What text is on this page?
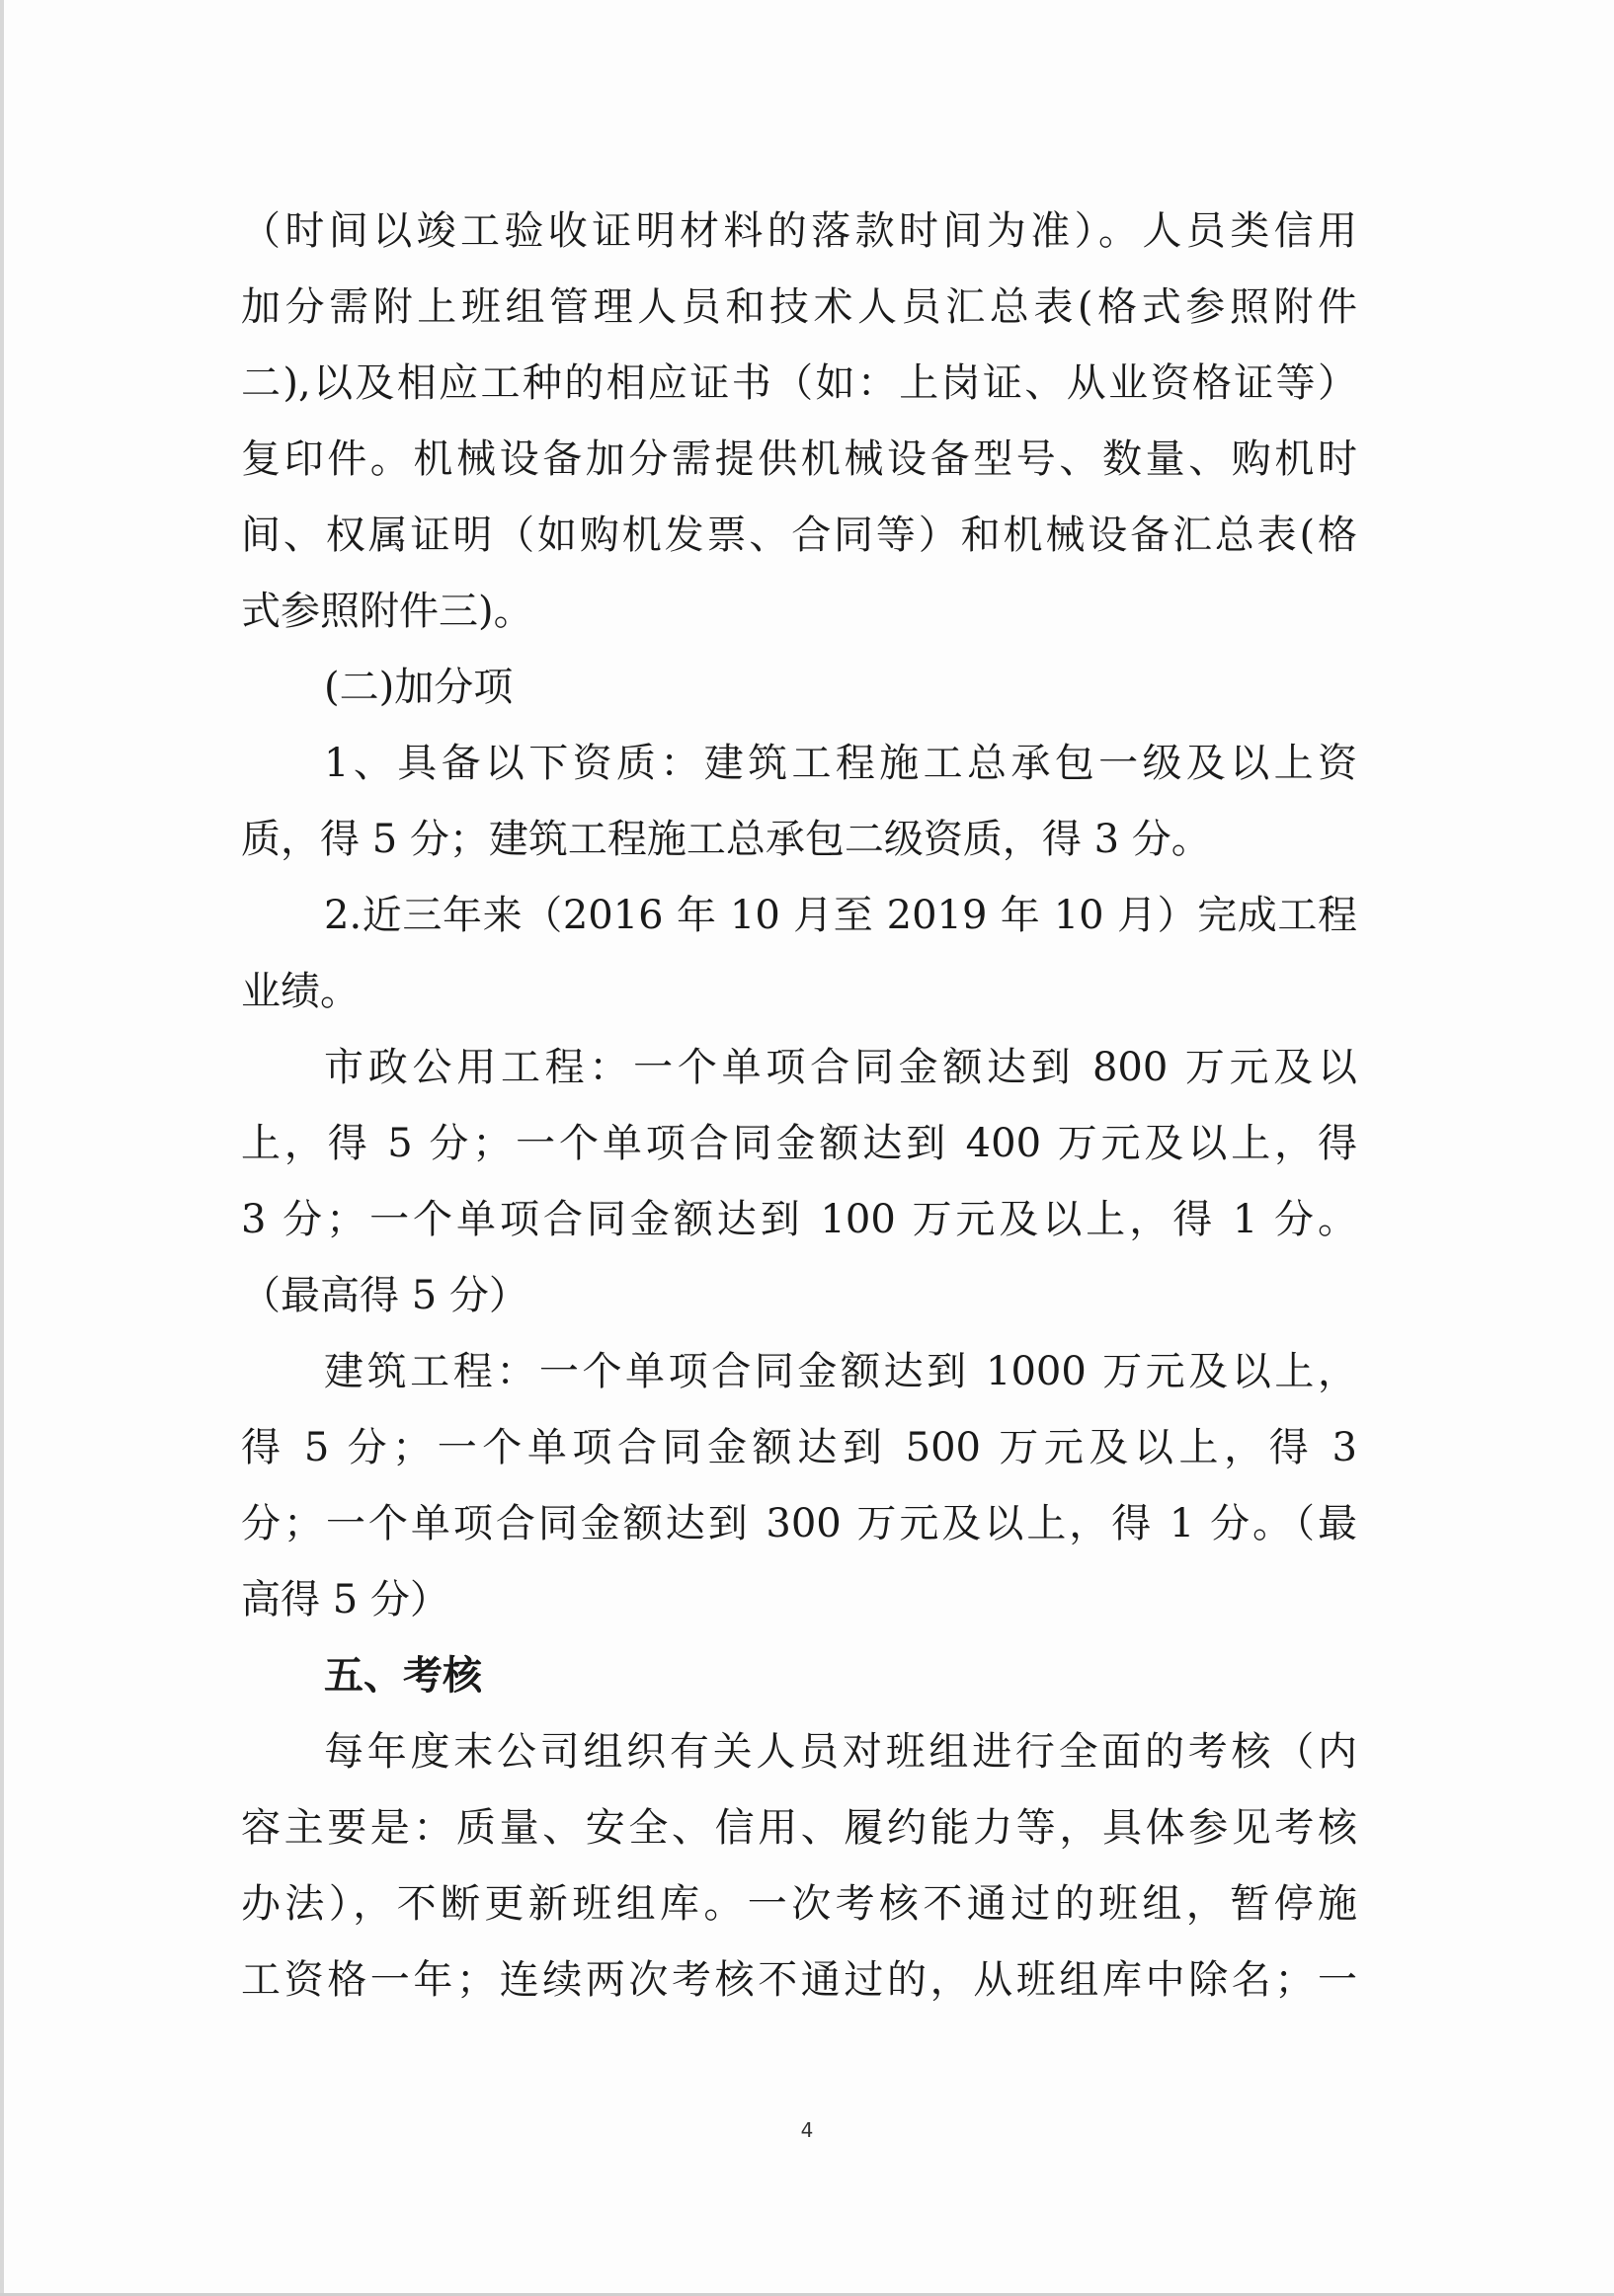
（时间以竣工验收证明材料的落款时间为准）。人员类信用
加分需附上班组管理人员和技术人员汇总表(格式参照附件
二),以及相应工种的相应证书（如：上岗证、从业资格证等）
复印件。机械设备加分需提供机械设备型号、数量、购机时
间、权属证明（如购机发票、合同等）和机械设备汇总表(格
式参照附件三)。
(二)加分项
1、具备以下资质：建筑工程施工总承包一级及以上资
质，得 5 分；建筑工程施工总承包二级资质，得 3 分。
2.近三年来（2016 年 10 月至 2019 年 10 月）完成工程
业绩。
市政公用工程：一个单项合同金额达到 800 万元及以
上，得 5 分；一个单项合同金额达到 400 万元及以上，得
3 分；一个单项合同金额达到 100 万元及以上，得 1 分。
（最高得 5 分）
建筑工程：一个单项合同金额达到 1000 万元及以上，
得 5 分；一个单项合同金额达到 500 万元及以上，得 3
分；一个单项合同金额达到 300 万元及以上，得 1 分。（最
高得 5 分）
五、考核
每年度末公司组织有关人员对班组进行全面的考核（内
容主要是：质量、安全、信用、履约能力等，具体参见考核
办法），不断更新班组库。一次考核不通过的班组，暂停施
工资格一年；连续两次考核不通过的，从班组库中除名；一
4
